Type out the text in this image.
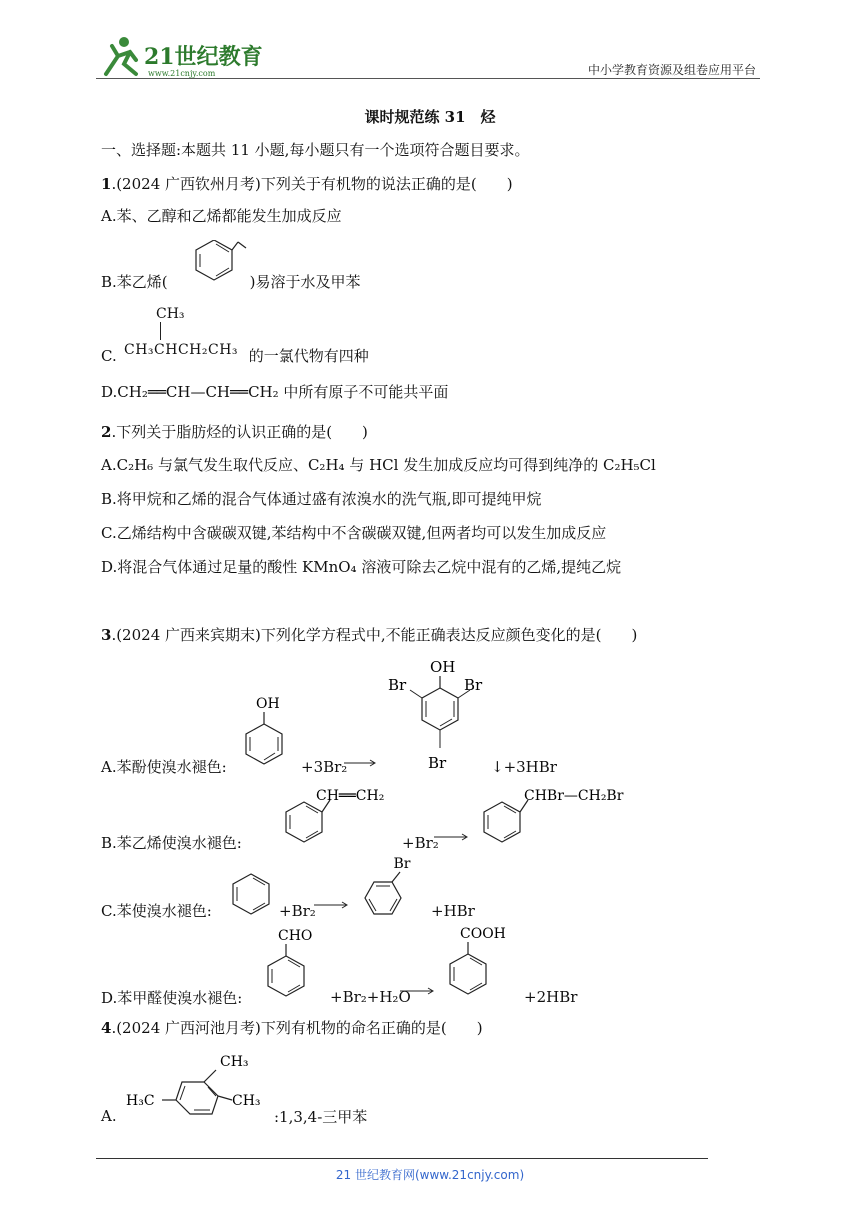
21世纪教育
www.21cnjy.com	中小学教育资源及组卷应用平台
课时规范练 31　烃
一、选择题:本题共 11 小题,每小题只有一个选项符合题目要求。
1.(2024 广西钦州月考)下列关于有机物的说法正确的是(　　)
A.苯、乙醇和乙烯都能发生加成反应
B.苯乙烯(	)易溶于水及甲苯
C.	的一氯代物有四种
CH₃
CH₃CHCH₂CH₃
D.CH₂══CH—CH══CH₂ 中所有原子不可能共平面
2.下列关于脂肪烃的认识正确的是(　　)
A.C₂H₆ 与氯气发生取代反应、C₂H₄ 与 HCl 发生加成反应均可得到纯净的 C₂H₅Cl
B.将甲烷和乙烯的混合气体通过盛有浓溴水的洗气瓶,即可提纯甲烷
C.乙烯结构中含碳碳双键,苯结构中不含碳碳双键,但两者均可以发生加成反应
D.将混合气体通过足量的酸性 KMnO₄ 溶液可除去乙烷中混有的乙烯,提纯乙烷
3.(2024 广西来宾期末)下列化学方程式中,不能正确表达反应颜色变化的是(　　)
A.苯酚使溴水褪色:
OH
+3Br₂
OH
Br	Br
Br	↓+3HBr
B.苯乙烯使溴水褪色:
CH══CH₂
+Br₂
CHBr—CH₂Br
C.苯使溴水褪色:	+Br₂
Br
+HBr
D.苯甲醛使溴水褪色:
CHO
+Br₂+H₂O
COOH
+2HBr
4.(2024 广西河池月考)下列有机物的命名正确的是(　　)
A.
CH₃
CH₃
H₃C
:1,3,4-三甲苯
21 世纪教育网(www.21cnjy.com)
